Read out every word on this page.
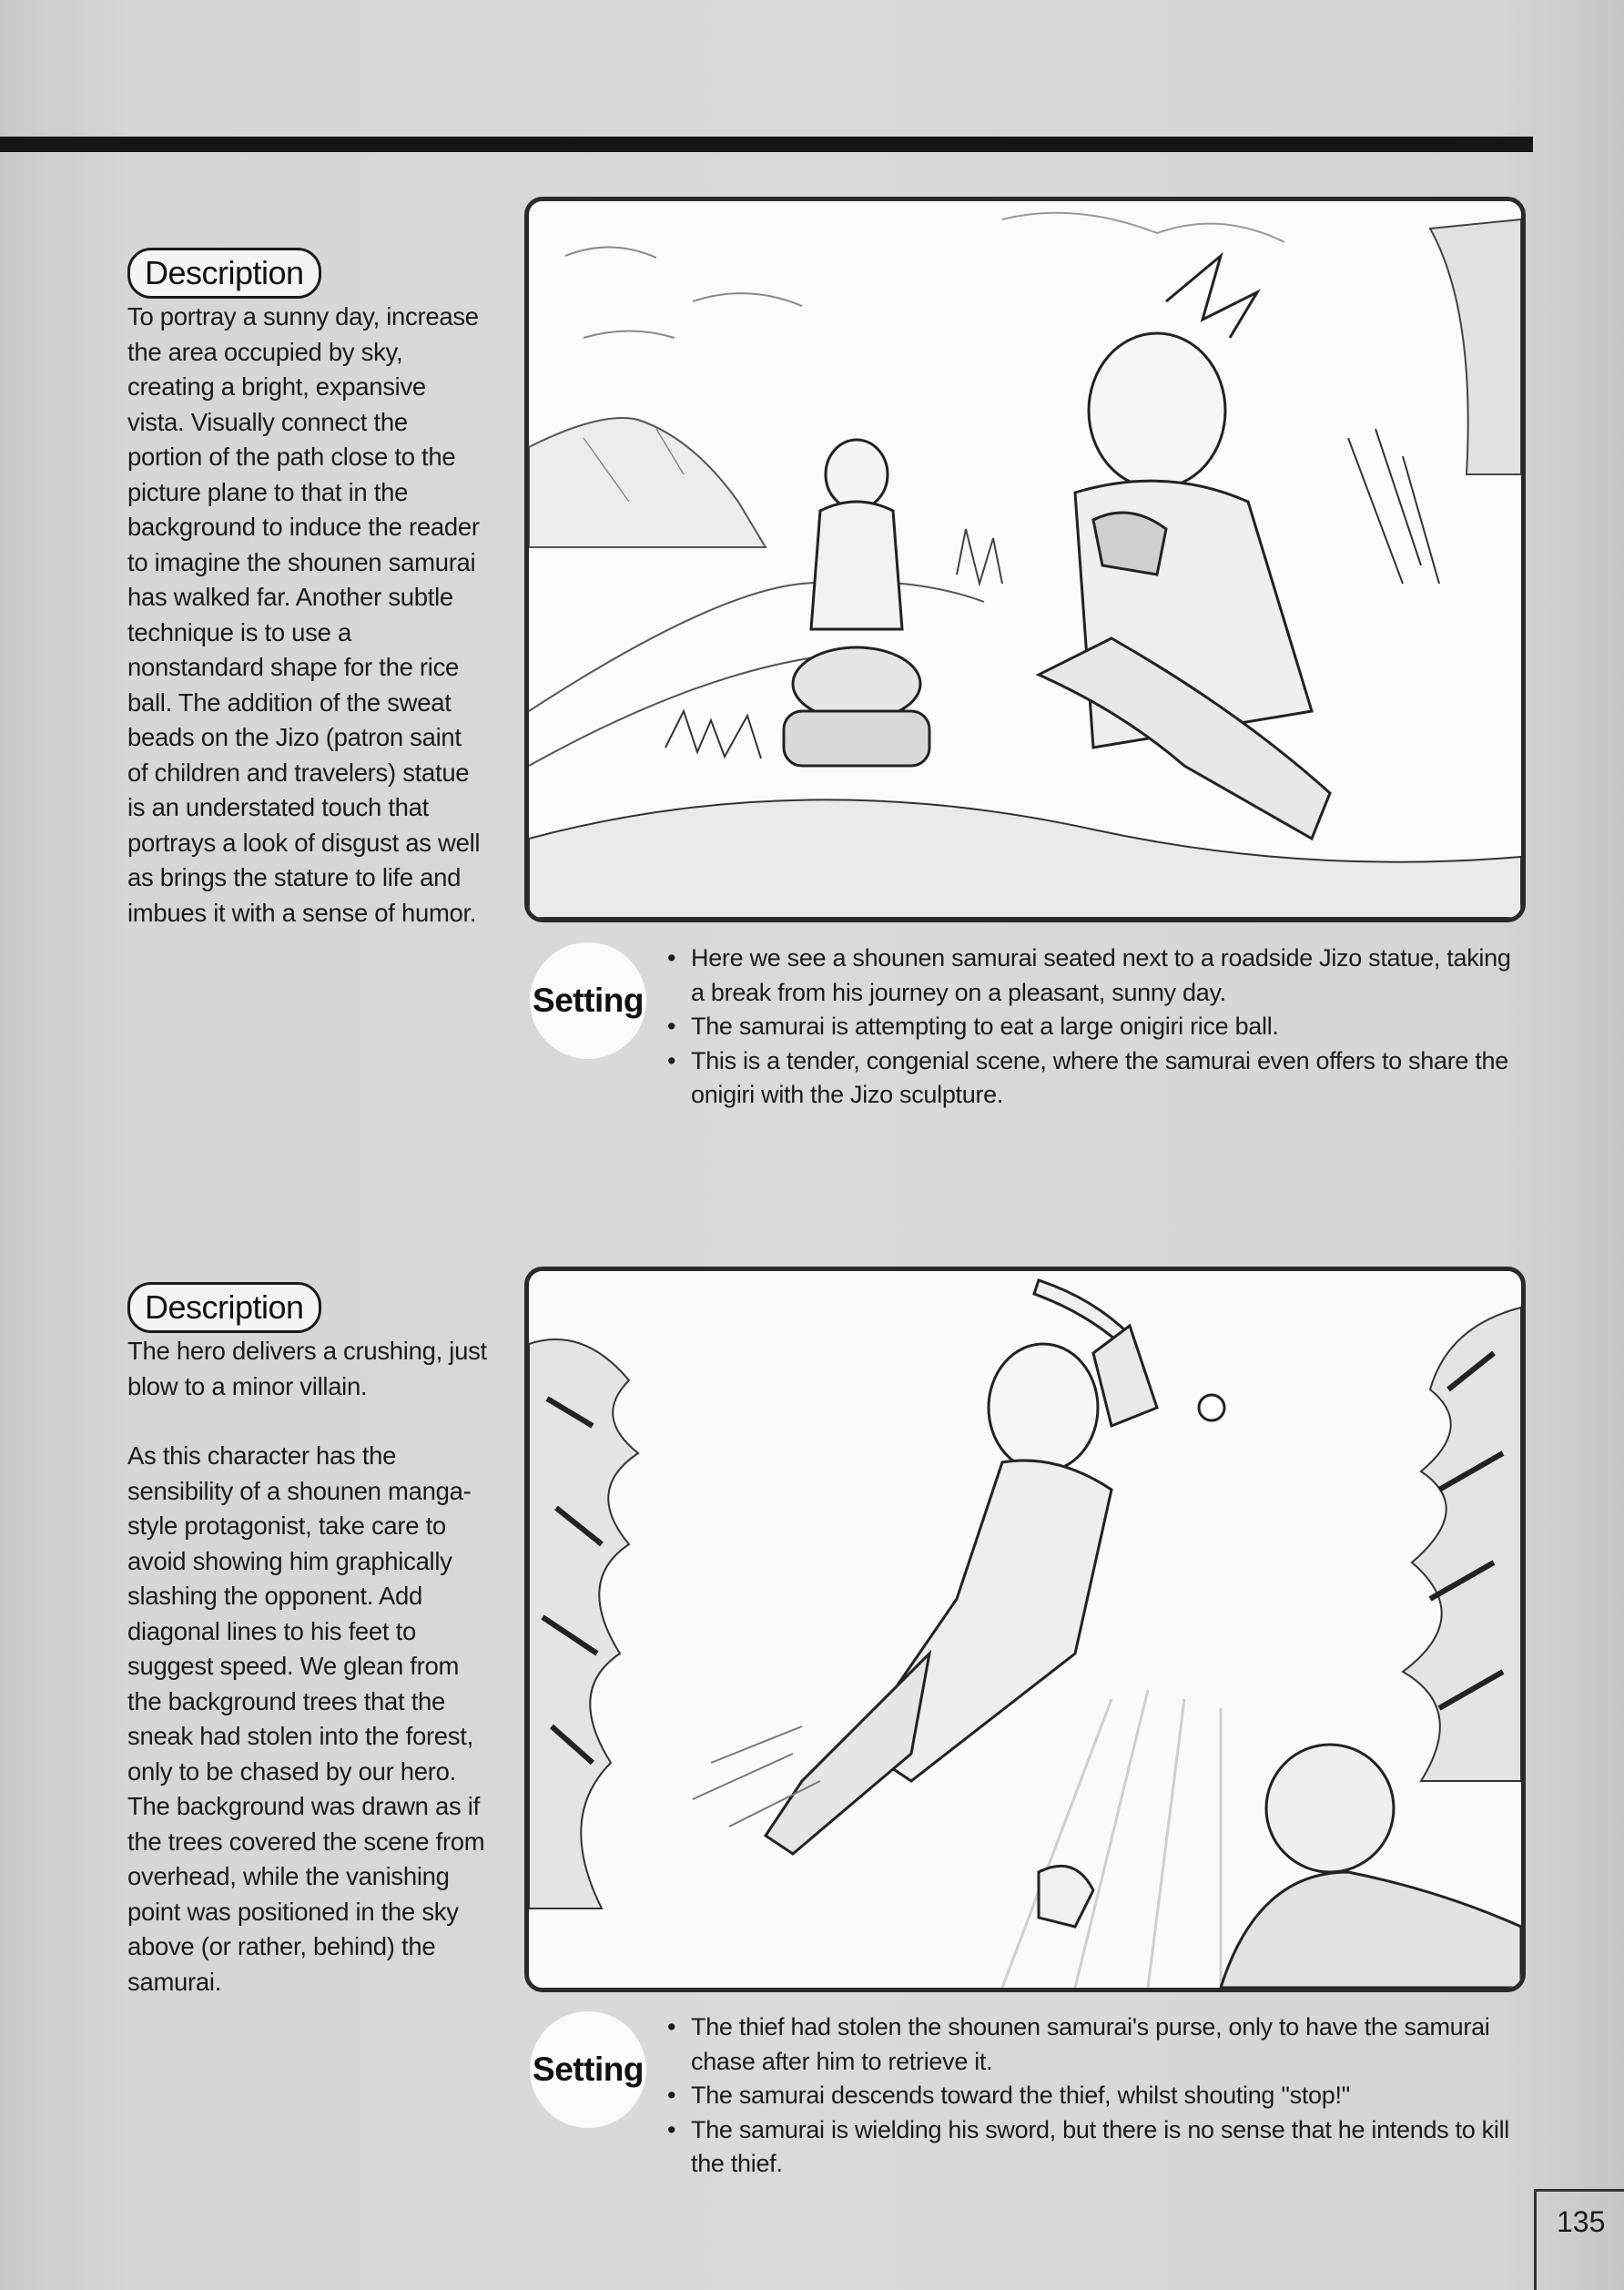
Description

To portray a sunny day, increase the area occupied by sky, creating a bright, expansive vista. Visually connect the portion of the path close to the picture plane to that in the background to induce the reader to imagine the shounen samurai has walked far. Another subtle technique is to use a nonstandard shape for the rice ball. The addition of the sweat beads on the Jizo (patron saint of children and travelers) statue is an understated touch that portrays a look of disgust as well as brings the stature to life and imbues it with a sense of humor.

Setting
• Here we see a shounen samurai seated next to a roadside Jizo statue, taking a break from his journey on a pleasant, sunny day.
• The samurai is attempting to eat a large onigiri rice ball.
• This is a tender, congenial scene, where the samurai even offers to share the onigiri with the Jizo sculpture.
Description

The hero delivers a crushing, just blow to a minor villain.

As this character has the sensibility of a shounen manga-style protagonist, take care to avoid showing him graphically slashing the opponent. Add diagonal lines to his feet to suggest speed. We glean from the background trees that the sneak had stolen into the forest, only to be chased by our hero. The background was drawn as if the trees covered the scene from overhead, while the vanishing point was positioned in the sky above (or rather, behind) the samurai.

Setting
• The thief had stolen the shounen samurai's purse, only to have the samurai chase after him to retrieve it.
• The samurai descends toward the thief, whilst shouting "stop!"
• The samurai is wielding his sword, but there is no sense that he intends to kill the thief.
135
